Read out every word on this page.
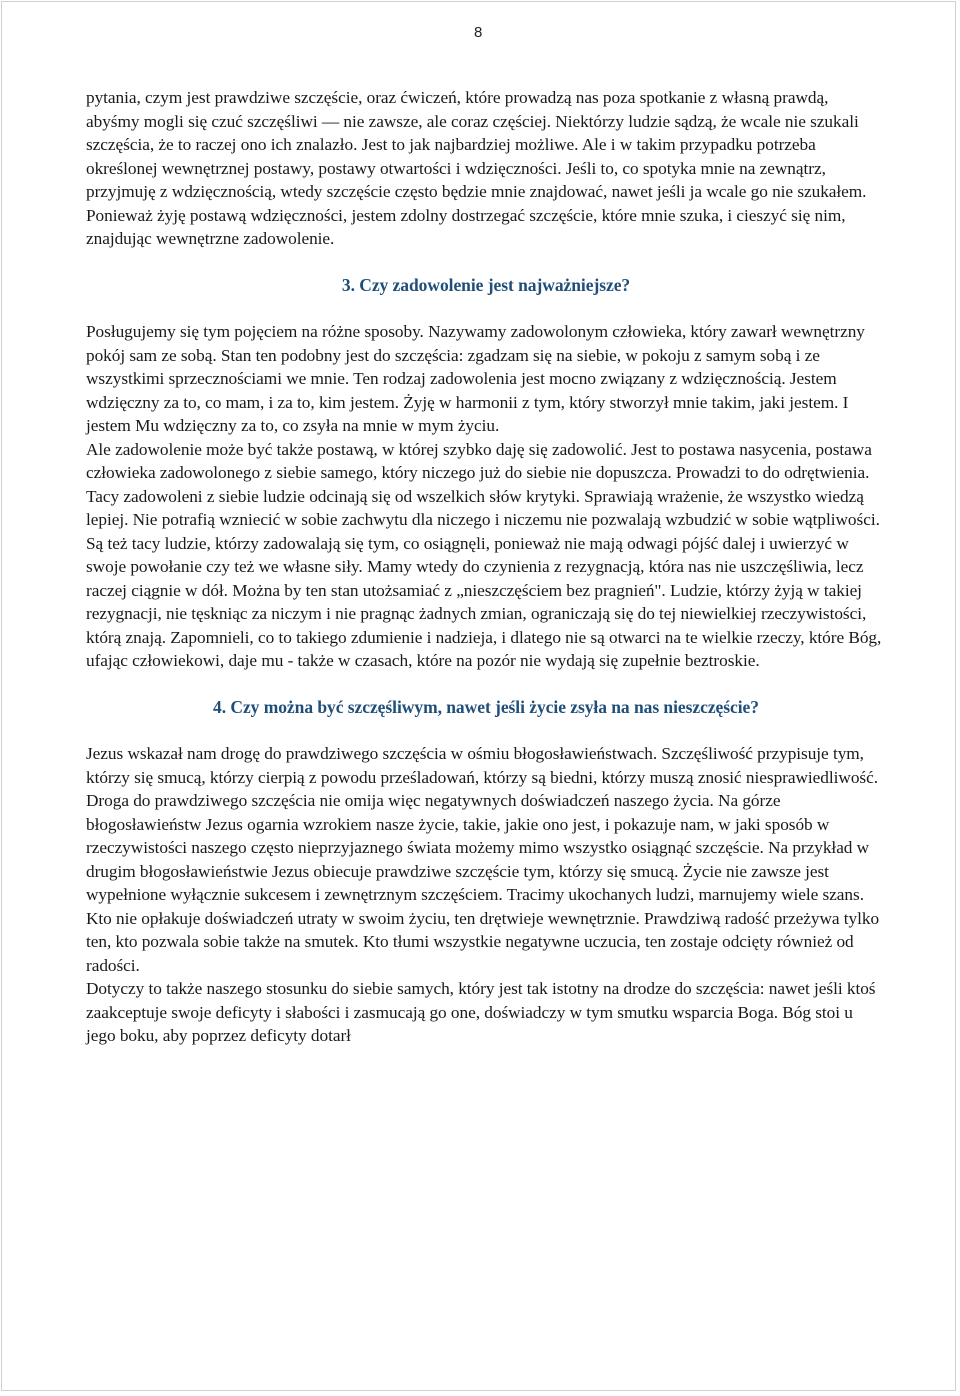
8

pytania, czym jest prawdziwe szczęście, oraz ćwiczeń, które prowadzą nas poza spotkanie z własną prawdą, abyśmy mogli się czuć szczęśliwi — nie zawsze, ale coraz częściej. Niektórzy ludzie sądzą, że wcale nie szukali szczęścia, że to raczej ono ich znalazło. Jest to jak najbardziej możliwe. Ale i w takim przypadku potrzeba określonej wewnętrznej postawy, postawy otwartości i wdzięczności. Jeśli to, co spotyka mnie na zewnątrz, przyjmuję z wdzięcznością, wtedy szczęście często będzie mnie znajdować, nawet jeśli ja wcale go nie szukałem. Ponieważ żyję postawą wdzięczności, jestem zdolny dostrzegać szczęście, które mnie szuka, i cieszyć się nim, znajdując wewnętrzne zadowolenie.

3. Czy zadowolenie jest najważniejsze?

Posługujemy się tym pojęciem na różne sposoby. Nazywamy zadowolonym człowieka, który zawarł wewnętrzny pokój sam ze sobą. Stan ten podobny jest do szczęścia: zgadzam się na siebie, w pokoju z samym sobą i ze wszystkimi sprzecznościami we mnie. Ten rodzaj zadowolenia jest mocno związany z wdzięcznością. Jestem wdzięczny za to, co mam, i za to, kim jestem. Żyję w harmonii z tym, który stworzył mnie takim, jaki jestem. I jestem Mu wdzięczny za to, co zsyła na mnie w mym życiu.

Ale zadowolenie może być także postawą, w której szybko daję się zadowolić. Jest to postawa nasycenia, postawa człowieka zadowolonego z siebie samego, który niczego już do siebie nie dopuszcza. Prowadzi to do odrętwienia. Tacy zadowoleni z siebie ludzie odcinają się od wszelkich słów krytyki. Sprawiają wrażenie, że wszystko wiedzą lepiej. Nie potrafią wzniecić w sobie zachwytu dla niczego i niczemu nie pozwalają wzbudzić w sobie wątpliwości.

Są też tacy ludzie, którzy zadowalają się tym, co osiągnęli, ponieważ nie mają odwagi pójść dalej i uwierzyć w swoje powołanie czy też we własne siły. Mamy wtedy do czynienia z rezygnacją, która nas nie uszczęśliwia, lecz raczej ciągnie w dół. Można by ten stan utożsamiać z „nieszczęściem bez pragnień". Ludzie, którzy żyją w takiej rezygnacji, nie tęskniąc za niczym i nie pragnąc żadnych zmian, ograniczają się do tej niewielkiej rzeczywistości, którą znają. Zapomnieli, co to takiego zdumienie i nadzieja, i dlatego nie są otwarci na te wielkie rzeczy, które Bóg, ufając człowiekowi, daje mu - także w czasach, które na pozór nie wydają się zupełnie beztroskie.

4. Czy można być szczęśliwym, nawet jeśli życie zsyła na nas nieszczęście?

Jezus wskazał nam drogę do prawdziwego szczęścia w ośmiu błogosławieństwach. Szczęśliwość przypisuje tym, którzy się smucą, którzy cierpią z powodu prześladowań, którzy są biedni, którzy muszą znosić niesprawiedliwość. Droga do prawdziwego szczęścia nie omija więc negatywnych doświadczeń naszego życia. Na górze błogosławieństw Jezus ogarnia wzrokiem nasze życie, takie, jakie ono jest, i pokazuje nam, w jaki sposób w rzeczywistości naszego często nieprzyjaznego świata możemy mimo wszystko osiągnąć szczęście. Na przykład w drugim błogosławieństwie Jezus obiecuje prawdziwe szczęście tym, którzy się smucą. Życie nie zawsze jest wypełnione wyłącznie sukcesem i zewnętrznym szczęściem. Tracimy ukochanych ludzi, marnujemy wiele szans. Kto nie opłakuje doświadczeń utraty w swoim życiu, ten drętwieje wewnętrznie. Prawdziwą radość przeżywa tylko ten, kto pozwala sobie także na smutek. Kto tłumi wszystkie negatywne uczucia, ten zostaje odcięty również od radości.

Dotyczy to także naszego stosunku do siebie samych, który jest tak istotny na drodze do szczęścia: nawet jeśli ktoś zaakceptuje swoje deficyty i słabości i zasmucają go one, doświadczy w tym smutku wsparcia Boga. Bóg stoi u jego boku, aby poprzez deficyty dotarł
